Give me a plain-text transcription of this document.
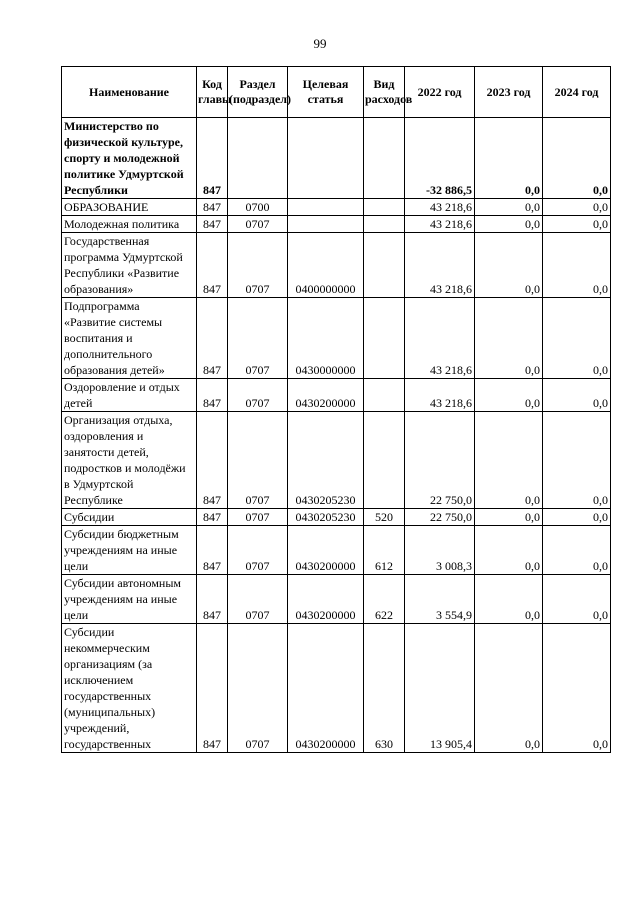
99
Наименование	Код главы	Раздел (подраздел)	Целевая статья	Вид расходов	2022 год	2023 год	2024 год
Министерство по физической культуре, спорту и молодежной политике Удмуртской Республики	847				-32 886,5	0,0	0,0
ОБРАЗОВАНИЕ	847	0700			43 218,6	0,0	0,0
Молодежная политика	847	0707			43 218,6	0,0	0,0
Государственная программа Удмуртской Республики «Развитие образования»	847	0707	0400000000		43 218,6	0,0	0,0
Подпрограмма «Развитие системы воспитания и дополнительного образования детей»	847	0707	0430000000		43 218,6	0,0	0,0
Оздоровление и отдых детей	847	0707	0430200000		43 218,6	0,0	0,0
Организация отдыха, оздоровления и занятости детей, подростков и молодёжи в Удмуртской Республике	847	0707	0430205230		22 750,0	0,0	0,0
Субсидии	847	0707	0430205230	520	22 750,0	0,0	0,0
Субсидии бюджетным учреждениям на иные цели	847	0707	0430200000	612	3 008,3	0,0	0,0
Субсидии автономным учреждениям на иные цели	847	0707	0430200000	622	3 554,9	0,0	0,0
Субсидии некоммерческим организациям (за исключением государственных (муниципальных) учреждений, государственных	847	0707	0430200000	630	13 905,4	0,0	0,0
